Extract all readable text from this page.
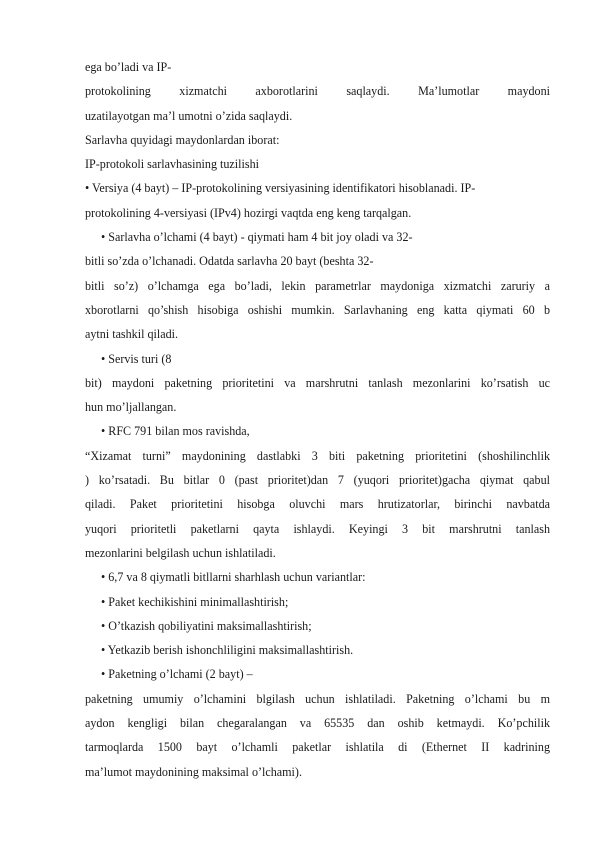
ega bo’ladi va IP-
protokolining xizmatchi axborotlarini saqlaydi. Ma’lumotlar maydoni
uzatilayotgan ma’l umotni o’zida saqlaydi.
Sarlavha quyidagi maydonlardan iborat:
IP-protokoli sarlavhasining tuzilishi
• Versiya (4 bayt) – IP-protokolining versiyasining identifikatori hisoblanadi. IP-
protokolining 4-versiyasi (IPv4) hozirgi vaqtda eng keng tarqalgan.
• Sarlavha o’lchami (4 bayt) - qiymati ham 4 bit joy oladi va 32-
bitli so’zda o’lchanadi. Odatda sarlavha 20 bayt (beshta 32-
bitli so’z) o’lchamga ega bo’ladi, lekin parametrlar maydoniga xizmatchi zaruriy a
xborotlarni qo’shish hisobiga oshishi mumkin. Sarlavhaning eng katta qiymati 60 b
aytni tashkil qiladi.
• Servis turi (8
bit) maydoni paketning prioritetini va marshrutni tanlash mezonlarini ko’rsatish uc
hun mo’ljallangan.
• RFC 791 bilan mos ravishda,
“Xizamat turni” maydonining dastlabki 3 biti paketning prioritetini (shoshilinchlik
) ko’rsatadi. Bu bitlar 0 (past prioritet)dan 7 (yuqori prioritet)gacha qiymat qabul
qiladi. Paket prioritetini hisobga oluvchi mars hrutizatorlar, birinchi navbatda
yuqori prioritetli paketlarni qayta ishlaydi. Keyingi 3 bit marshrutni tanlash
mezonlarini belgilash uchun ishlatiladi.
• 6,7 va 8 qiymatli bitllarni sharhlash uchun variantlar:
• Paket kechikishini minimallashtirish;
• O’tkazish qobiliyatini maksimallashtirish;
• Yetkazib berish ishonchliligini maksimallashtirish.
• Paketning o’lchami (2 bayt) –
paketning umumiy o’lchamini blgilash uchun ishlatiladi. Paketning o’lchami bu m
aydon kengligi bilan chegaralangan va 65535 dan oshib ketmaydi. Ko’pchilik
tarmoqlarda 1500 bayt o’lchamli paketlar ishlatila di (Ethernet II kadrining
ma’lumot maydonining maksimal o’lchami).
